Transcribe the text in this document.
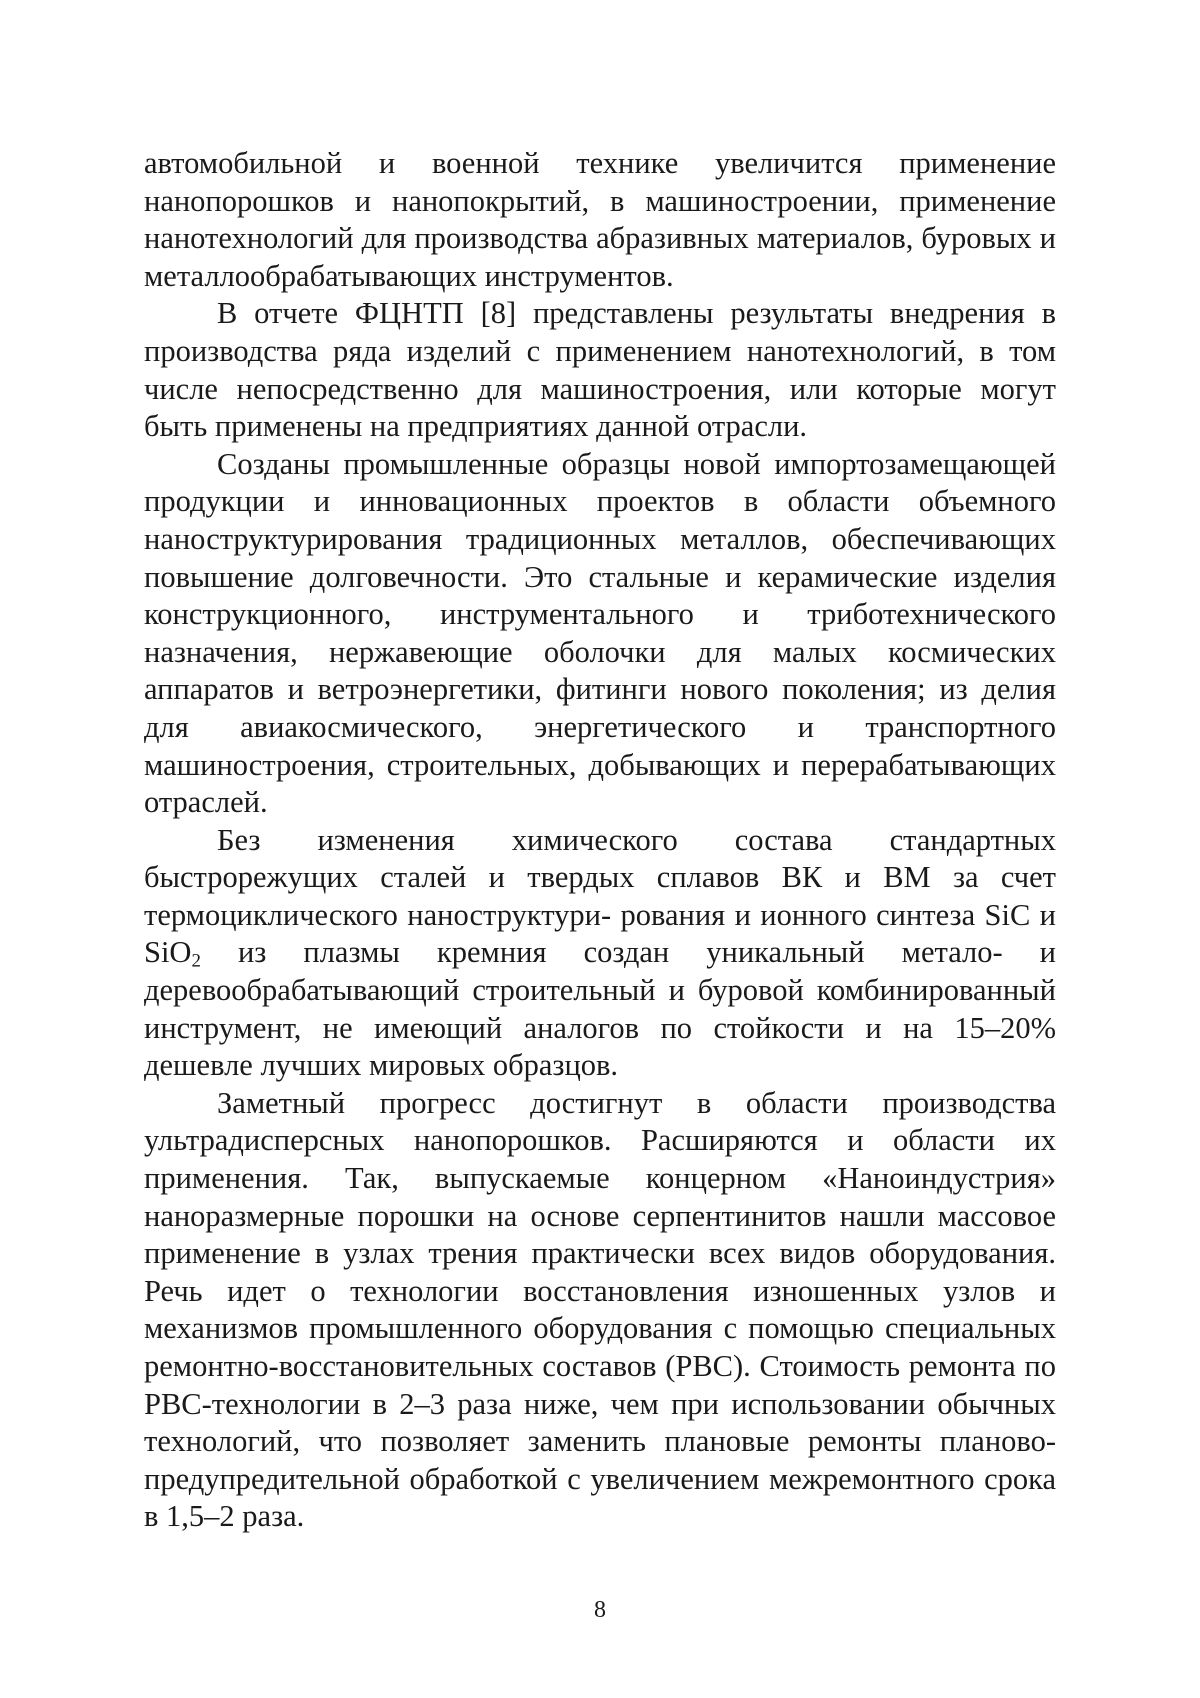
автомобильной и военной технике увеличится применение нанопорошков и нанопокрытий, в машиностроении, применение нанотехнологий для производства абразивных материалов, буровых и металлообрабатывающих инструментов.

В отчете ФЦНТП [8] представлены результаты внедрения в производства ряда изделий с применением нанотехнологий, в том числе непосредственно для машиностроения, или которые могут быть применены на предприятиях данной отрасли.

Созданы промышленные образцы новой импортозамещающей продукции и инновационных проектов в области объемного наноструктурирования традиционных металлов, обеспечивающих повышение долговечности. Это стальные и керамические изделия конструкционного, инструментального и триботехнического назначения, нержавеющие оболочки для малых космических аппаратов и ветроэнергетики, фитинги нового поколения; из делия для авиакосмического, энергетического и транспортного машиностроения, строительных, добывающих и перерабатывающих отраслей.

Без изменения химического состава стандартных быстрорежущих сталей и твердых сплавов ВК и ВМ за счет термоциклического наноструктури- рования и ионного синтеза SiC и SiO$_2$ из плазмы кремния создан уникальный метало- и деревообрабатывающий строительный и буровой комбинированный инструмент, не имеющий аналогов по стойкости и на 15–20% дешевле лучших мировых образцов.

Заметный прогресс достигнут в области производства ультрадисперсных нанопорошков. Расширяются и области их применения. Так, выпускаемые концерном «Наноиндустрия» наноразмерные порошки на основе серпентинитов нашли массовое применение в узлах трения практически всех видов оборудования. Речь идет о технологии восстановления изношенных узлов и механизмов промышленного оборудования с помощью специальных ремонтно-восстановительных составов (РВС). Стоимость ремонта по РВС-технологии в 2–3 раза ниже, чем при использовании обычных технологий, что позволяет заменить плановые ремонты планово-предупредительной обработкой с увеличением межремонтного срока в 1,5–2 раза.

8
